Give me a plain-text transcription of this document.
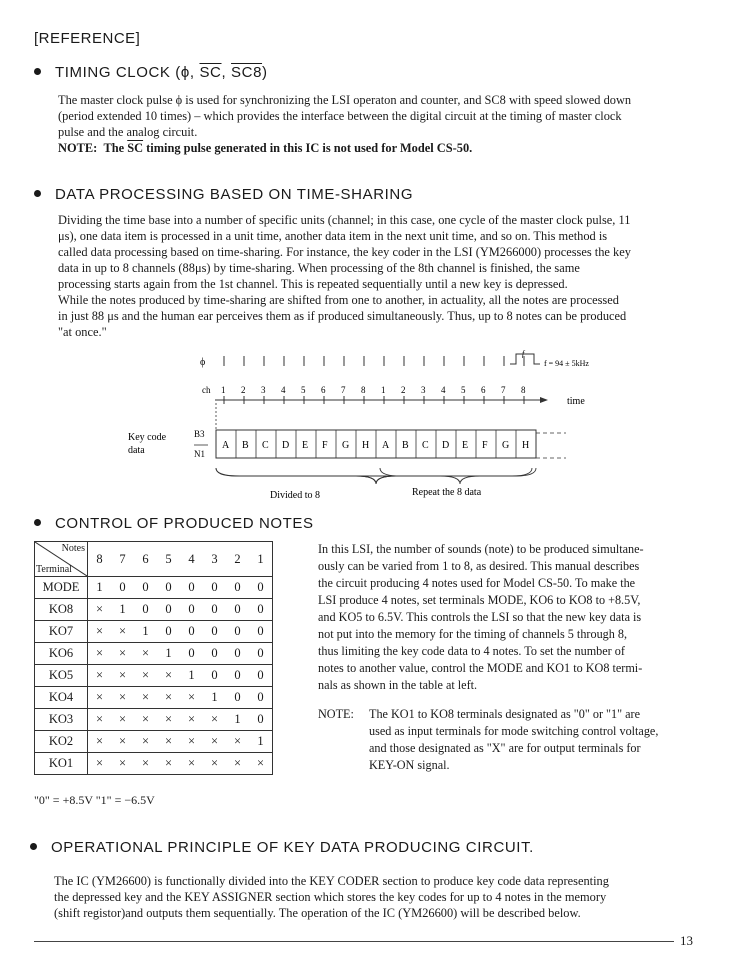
[REFERENCE]
TIMING CLOCK (ϕ, $\overline{SC}$, SC8)

The master clock pulse ϕ is used for synchronizing the LSI operaton and counter, and SC8 with speed slowed down

(period extended 10 times) – which provides the interface between the digital circuit at the timing of master clock

pulse and the analog circuit.

NOTE: The $\overline{SC}$ timing pulse generated in this IC is not used for Model CS-50.

DATA PROCESSING BASED ON TIME-SHARING

Dividing the time base into a number of specific units (channel; in this case, one cycle of the master clock pulse, 11

μs), one data item is processed in a unit time, another data item in the next unit time, and so on. This method is

called data processing based on time-sharing. For instance, the key coder in the LSI (YM266000) processes the key

data in up to 8 channels (88μs) by time-sharing. When processing of the 8th channel is finished, the same

processing starts again from the 1st channel. This is repeated sequentially until a new key is depressed.

While the notes produced by time-sharing are shifted from one to another, in actuality, all the notes are processed

in just 88 μs and the human ear perceives them as if produced simultaneously. Thus, up to 8 notes can be produced

"at once."

ϕ
f
f = 94 ± 5kHz
ch 1 2 3 4 5 6 7 8 1 2 3 4 5 6 7 8
time
Key code
data
B3
N1
A B C D E F G H A B C D E F G H
Divided to 8	Repeat the 8 data
CONTROL OF PRODUCED NOTES
Notes
Terminal	8	7	6	5	4	3	2	1
MODE	1	0	0	0	0	0	0	0
KO8	×	1	0	0	0	0	0	0
KO7	×	×	1	0	0	0	0	0
KO6	×	×	×	1	0	0	0	0
KO5	×	×	×	×	1	0	0	0
KO4	×	×	×	×	×	1	0	0
KO3	×	×	×	×	×	×	1	0
KO2	×	×	×	×	×	×	×	1
KO1	×	×	×	×	×	×	×	×
"0" = +8.5V "1" = −6.5V

In this LSI, the number of sounds (note) to be produced simultane-

ously can be varied from 1 to 8, as desired. This manual describes

the circuit producing 4 notes used for Model CS-50. To make the

LSI produce 4 notes, set terminals MODE, KO6 to KO8 to +8.5V,

and KO5 to 6.5V. This controls the LSI so that the new key data is

not put into the memory for the timing of channels 5 through 8,

thus limiting the key code data to 4 notes. To set the number of

notes to another value, control the MODE and KO1 to KO8 termi-

nals as shown in the table at left.

NOTE: The KO1 to KO8 terminals designated as "0" or "1" are

used as input terminals for mode switching control voltage,

and those designated as "X" are for output terminals for

KEY-ON signal.

OPERATIONAL PRINCIPLE OF KEY DATA PRODUCING CIRCUIT.

The IC (YM26600) is functionally divided into the KEY CODER section to produce key code data representing

the depressed key and the KEY ASSIGNER section which stores the key codes for up to 4 notes in the memory

(shift registor)and outputs them sequentially. The operation of the IC (YM26600) will be described below.

13
